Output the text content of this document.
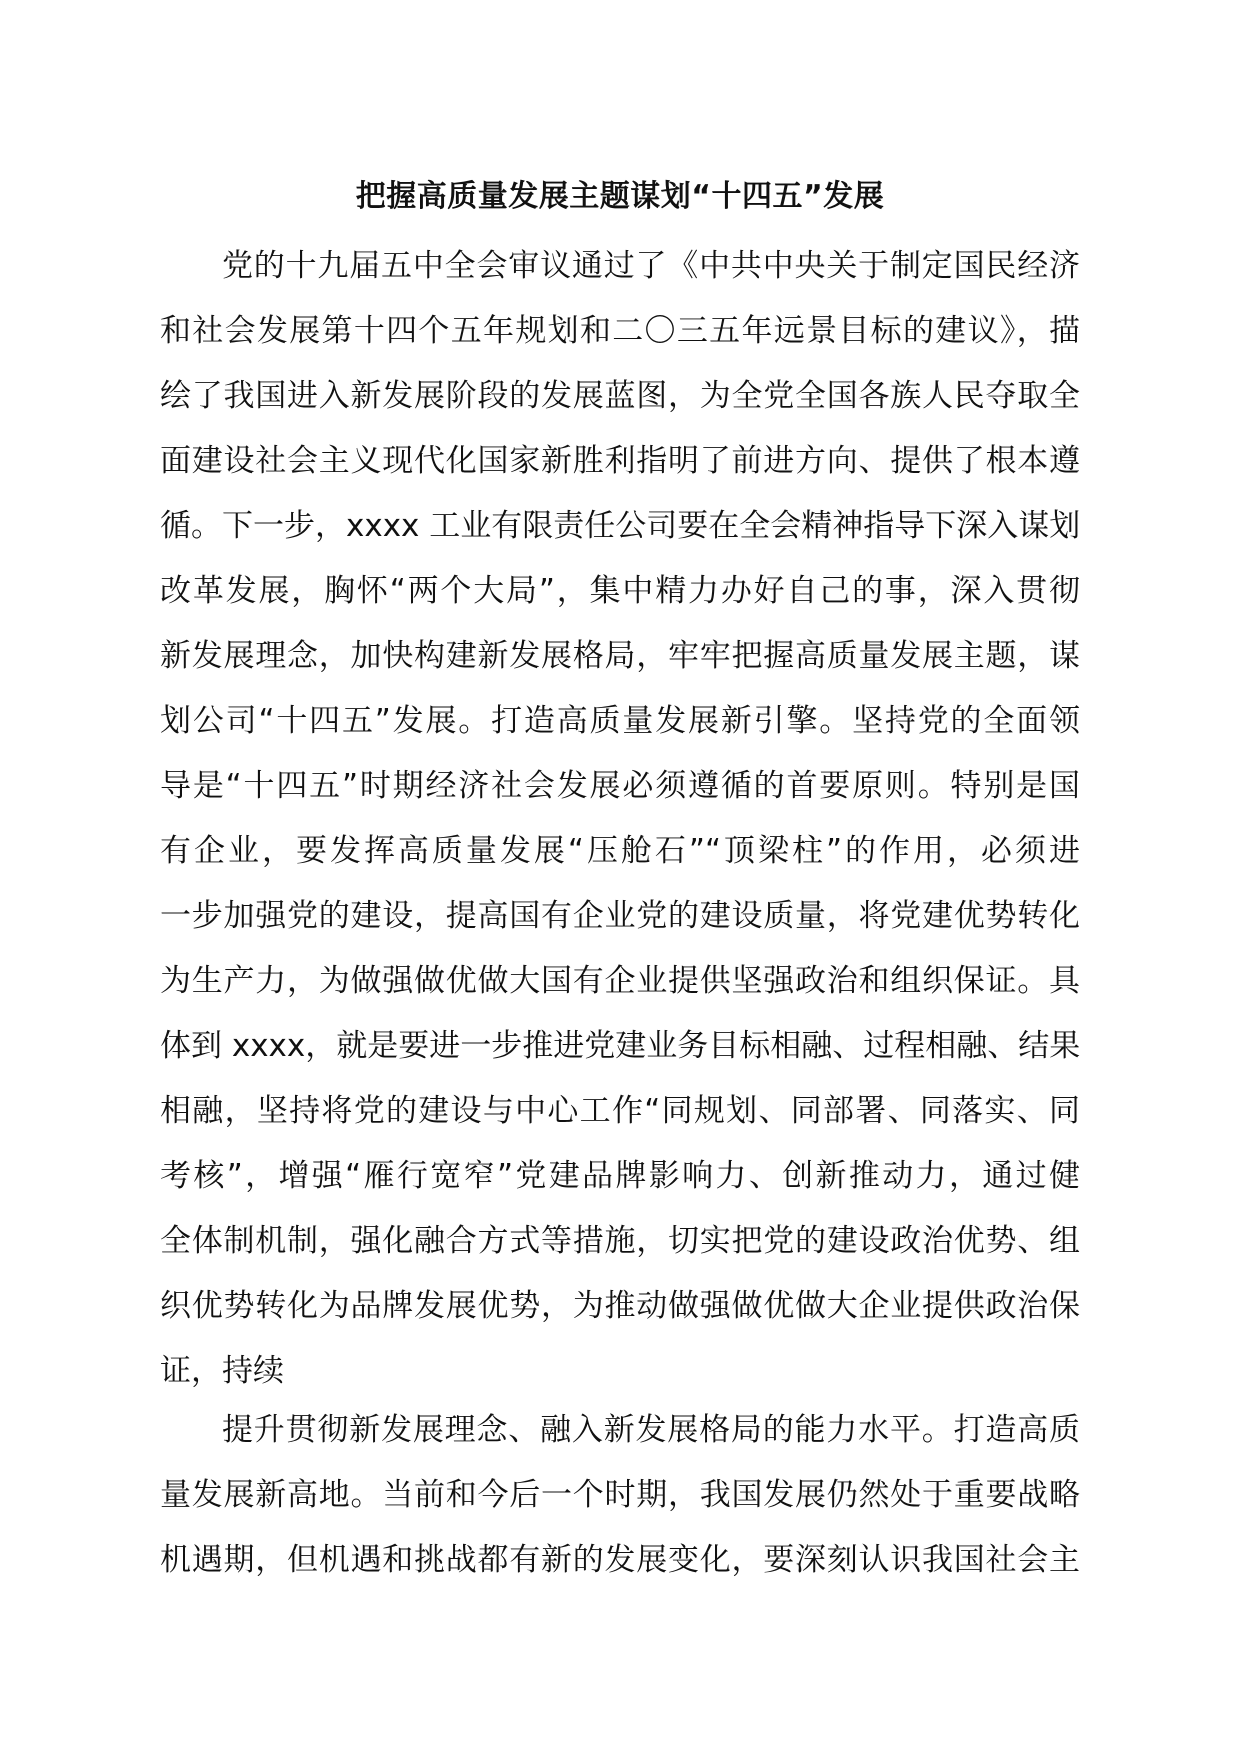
把握高质量发展主题谋划“十四五”发展
党的十九届五中全会审议通过了《中共中央关于制定国民经济
和社会发展第十四个五年规划和二〇三五年远景目标的建议》，描
绘了我国进入新发展阶段的发展蓝图，为全党全国各族人民夺取全
面建设社会主义现代化国家新胜利指明了前进方向、提供了根本遵
循。下一步，xxxx 工业有限责任公司要在全会精神指导下深入谋划
改革发展，胸怀“两个大局”，集中精力办好自己的事，深入贯彻
新发展理念，加快构建新发展格局，牢牢把握高质量发展主题，谋
划公司“十四五”发展。打造高质量发展新引擎。坚持党的全面领
导是“十四五”时期经济社会发展必须遵循的首要原则。特别是国
有企业，要发挥高质量发展“压舱石”“顶梁柱”的作用，必须进
一步加强党的建设，提高国有企业党的建设质量，将党建优势转化
为生产力，为做强做优做大国有企业提供坚强政治和组织保证。具
体到 xxxx，就是要进一步推进党建业务目标相融、过程相融、结果
相融，坚持将党的建设与中心工作“同规划、同部署、同落实、同
考核”，增强“雁行宽窄”党建品牌影响力、创新推动力，通过健
全体制机制，强化融合方式等措施，切实把党的建设政治优势、组
织优势转化为品牌发展优势，为推动做强做优做大企业提供政治保
证，持续
提升贯彻新发展理念、融入新发展格局的能力水平。打造高质
量发展新高地。当前和今后一个时期，我国发展仍然处于重要战略
机遇期，但机遇和挑战都有新的发展变化，要深刻认识我国社会主
